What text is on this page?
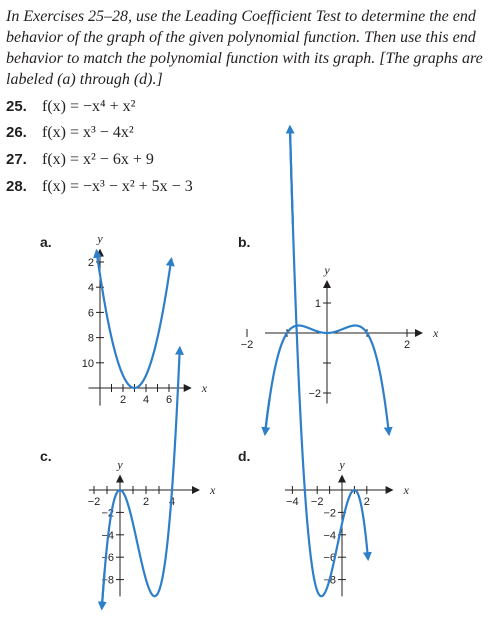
In Exercises 25–28, use the Leading Coefficient Test to determine the end behavior of the graph of the given polynomial function. Then use this end behavior to match the polynomial function with its graph. [The graphs are labeled (a) through (d).]
25. f(x) = −x⁴ + x²
26. f(x) = x³ − 4x²
27. f(x) = x² − 6x + 9
28. f(x) = −x³ − x² + 5x − 3
a.	b.
c.	d.
2 4 6
10
8
6
4
2
x
y
−2	2
1
−2
x
y
−2	2 4
−2
−4
−6
−8
x
y
−4 −2	2
−2
−4
−6
−8
x
y
